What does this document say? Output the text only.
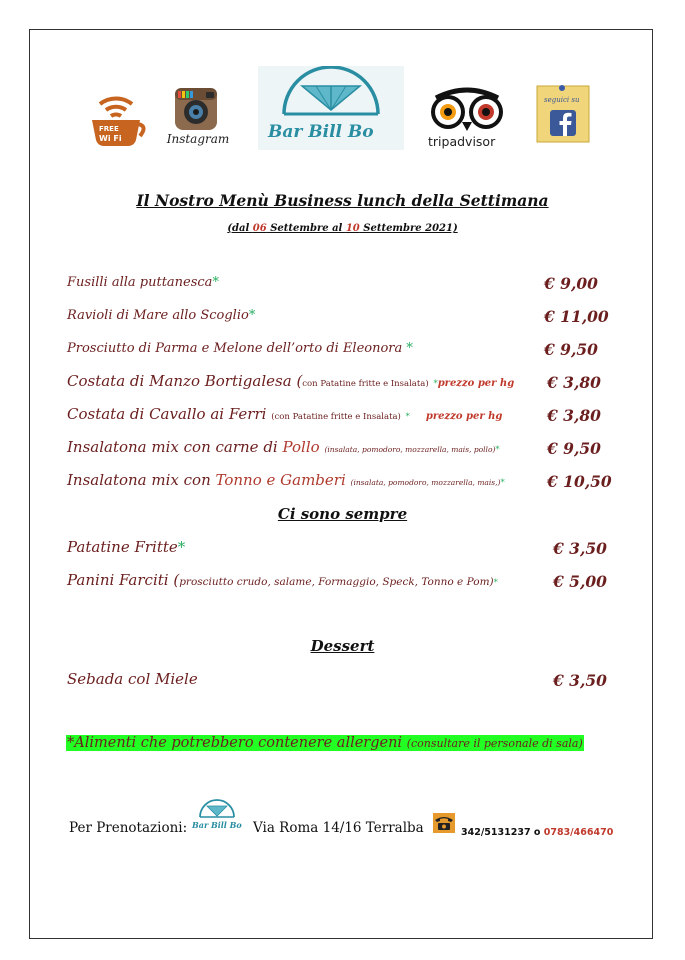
FREE
Wi Fi	Instagram Bar Bill Bo	tripadvisor
seguici su
Il Nostro Menù Business lunch della Settimana
(dal 06 Settembre al 10 Settembre 2021)
Fusilli alla puttanesca*	€ 9,00
Ravioli di Mare allo Scoglio*	€ 11,00
Prosciutto di Parma e Melone dell’orto di Eleonora *	€ 9,50
Costata di Manzo Bortigalesa (con Patatine fritte e Insalata) *prezzo per hg € 3,80
Costata di Cavallo ai Ferri (con Patatine fritte e Insalata) * prezzo per hg	€ 3,80
Insalatona mix con carne di Pollo (insalata, pomodoro, mozzarella, mais, pollo)*	€ 9,50
Insalatona mix con Tonno e Gamberi (insalata, pomodoro, mozzarella, mais,)*	€ 10,50
Ci sono sempre
Patatine Fritte*	€ 3,50
Panini Farciti (prosciutto crudo, salame, Formaggio, Speck, Tonno e Pom)*	€ 5,00
Dessert
Sebada col Miele	€ 3,50
*Alimenti che potrebbero contenere allergeni (consultare il personale di sala)
Per Prenotazioni: Bar Bill Bo Via Roma 14/16 Terralba	342/5131237 o 0783/466470
